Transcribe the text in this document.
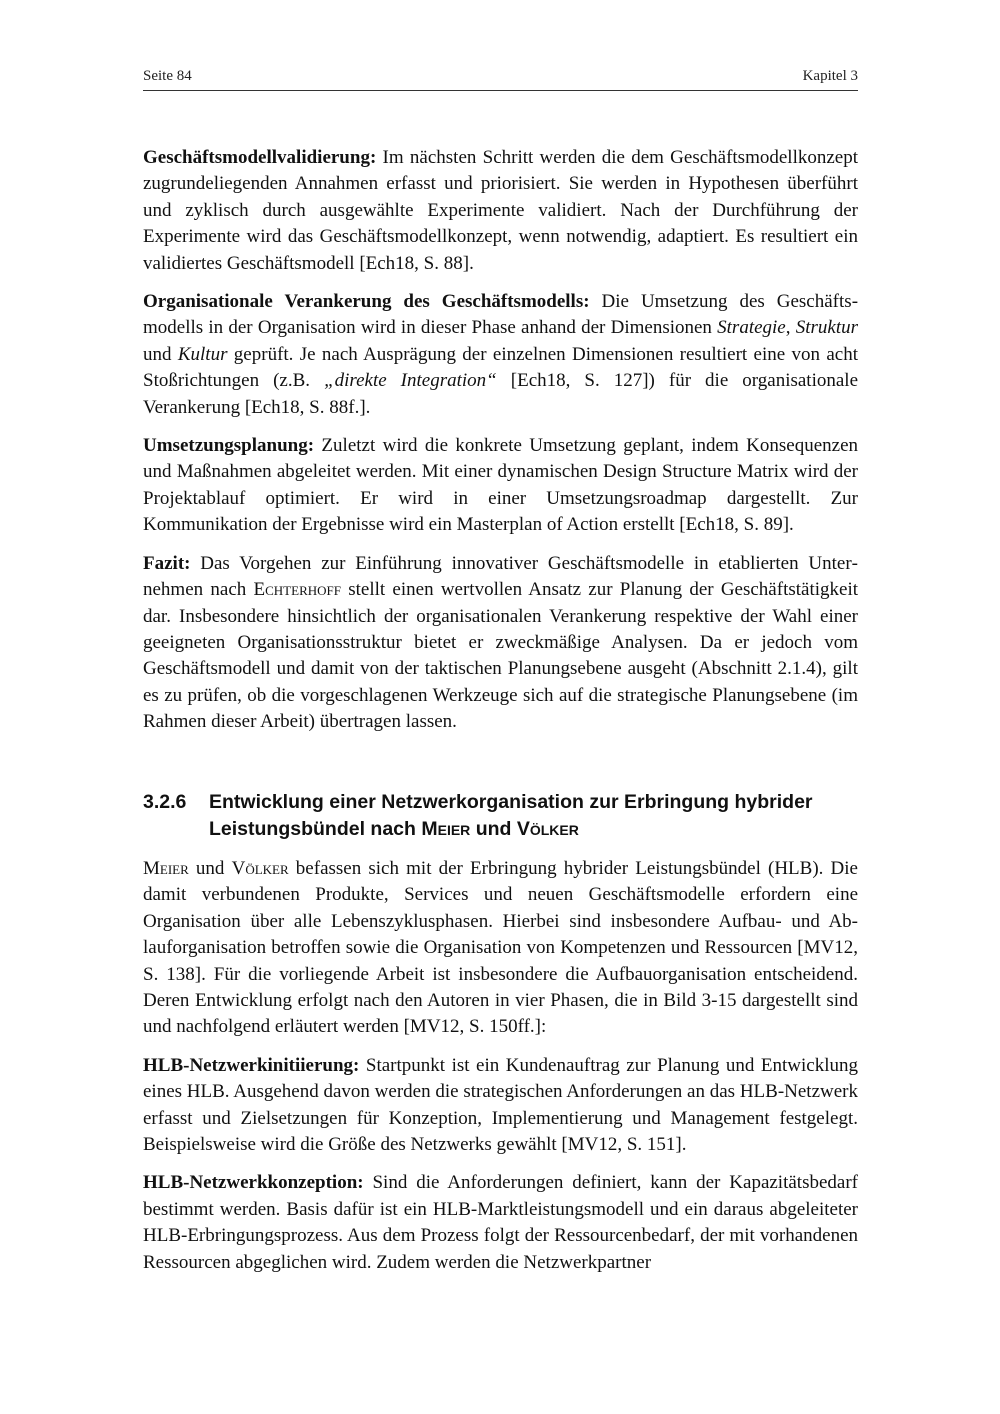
Seite 84	Kapitel 3

Geschäftsmodellvalidierung: Im nächsten Schritt werden die dem Geschäftsmodellkonzept zugrundeliegenden Annahmen erfasst und priorisiert. Sie werden in Hypothesen überführt und zyklisch durch ausgewählte Experimente validiert. Nach der Durchführung der Experimente wird das Geschäftsmodellkonzept, wenn notwendig, adaptiert. Es resultiert ein validiertes Geschäftsmodell [Ech18, S. 88].

Organisationale Verankerung des Geschäftsmodells: Die Umsetzung des Geschäftsmodells in der Organisation wird in dieser Phase anhand der Dimensionen Strategie, Struktur und Kultur geprüft. Je nach Ausprägung der einzelnen Dimensionen resultiert eine von acht Stoßrichtungen (z.B. „direkte Integration“ [Ech18, S. 127]) für die organisationale Verankerung [Ech18, S. 88f.].

Umsetzungsplanung: Zuletzt wird die konkrete Umsetzung geplant, indem Konsequenzen und Maßnahmen abgeleitet werden. Mit einer dynamischen Design Structure Matrix wird der Projektablauf optimiert. Er wird in einer Umsetzungsroadmap dargestellt. Zur Kommunikation der Ergebnisse wird ein Masterplan of Action erstellt [Ech18, S. 89].

Fazit: Das Vorgehen zur Einführung innovativer Geschäftsmodelle in etablierten Unternehmen nach Echterhoff stellt einen wertvollen Ansatz zur Planung der Geschäftstätigkeit dar. Insbesondere hinsichtlich der organisationalen Verankerung respektive der Wahl einer geeigneten Organisationsstruktur bietet er zweckmäßige Analysen. Da er jedoch vom Geschäftsmodell und damit von der taktischen Planungsebene ausgeht (Abschnitt 2.1.4), gilt es zu prüfen, ob die vorgeschlagenen Werkzeuge sich auf die strategische Planungsebene (im Rahmen dieser Arbeit) übertragen lassen.

3.2.6 Entwicklung einer Netzwerkorganisation zur Erbringung hybrider Leistungsbündel nach Meier und Völker

Meier und Völker befassen sich mit der Erbringung hybrider Leistungsbündel (HLB). Die damit verbundenen Produkte, Services und neuen Geschäftsmodelle erfordern eine Organisation über alle Lebenszyklusphasen. Hierbei sind insbesondere Aufbau- und Ablauforganisation betroffen sowie die Organisation von Kompetenzen und Ressourcen [MV12, S. 138]. Für die vorliegende Arbeit ist insbesondere die Aufbauorganisation entscheidend. Deren Entwicklung erfolgt nach den Autoren in vier Phasen, die in Bild 3-15 dargestellt sind und nachfolgend erläutert werden [MV12, S. 150ff.]:

HLB-Netzwerkinitiierung: Startpunkt ist ein Kundenauftrag zur Planung und Entwicklung eines HLB. Ausgehend davon werden die strategischen Anforderungen an das HLB-Netzwerk erfasst und Zielsetzungen für Konzeption, Implementierung und Management festgelegt. Beispielsweise wird die Größe des Netzwerks gewählt [MV12, S. 151].

HLB-Netzwerkkonzeption: Sind die Anforderungen definiert, kann der Kapazitätsbedarf bestimmt werden. Basis dafür ist ein HLB-Marktleistungsmodell und ein daraus abgeleiteter HLB-Erbringungsprozess. Aus dem Prozess folgt der Ressourcenbedarf, der mit vorhandenen Ressourcen abgeglichen wird. Zudem werden die Netzwerkpartner
